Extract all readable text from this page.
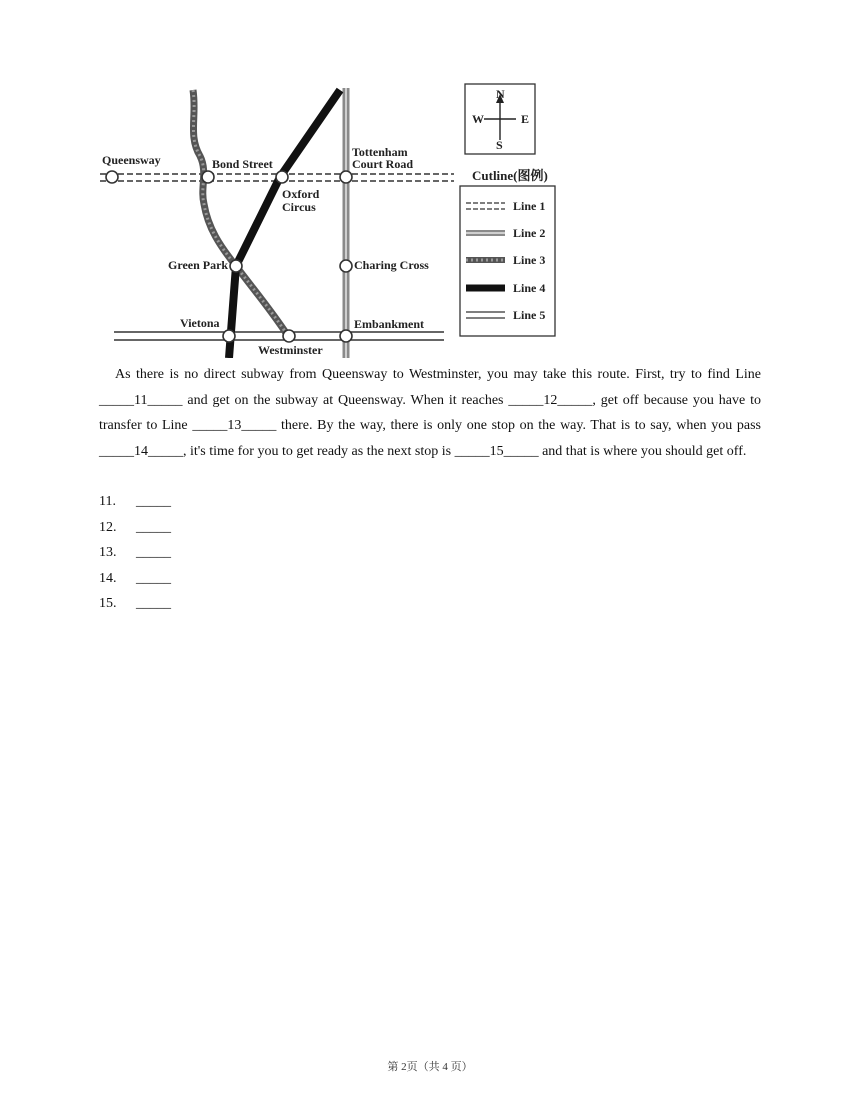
Queensway	Bond Street
Tottenham
Court Road
Oxford
Circus
Green Park	Charing Cross
Vietona	Embankment
Westminster
N
S
W	E
Cutline(图例)
Line 1
Line 2
Line 3
Line 4
Line 5

As there is no direct subway from Queensway to Westminster, you may take this route. First, try to find Line _____11_____ and get on the subway at Queensway. When it reaches _____12_____, get off because you have to transfer to Line _____13_____ there. By the way, there is only one stop on the way. That is to say, when you pass _____14_____, it's time for you to get ready as the next stop is _____15_____ and that is where you should get off.

11. _____
12. _____
13. _____
14. _____
15. _____
第 2页（共 4 页）
